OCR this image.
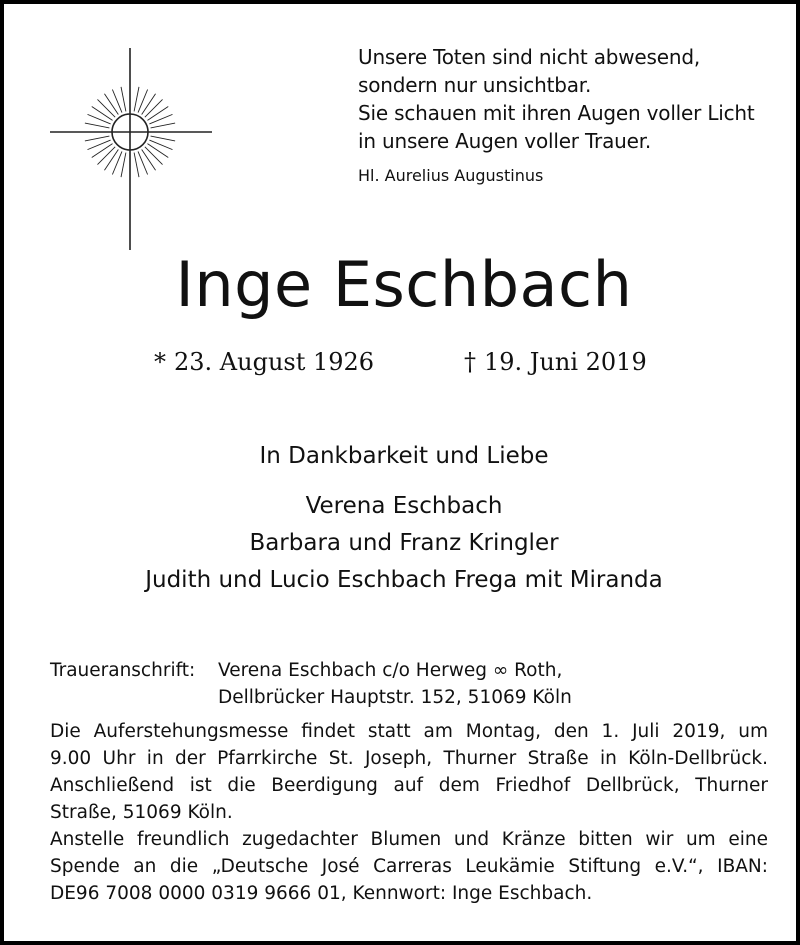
Unsere Toten sind nicht abwesend,
sondern nur unsichtbar.
Sie schauen mit ihren Augen voller Licht
in unsere Augen voller Trauer.
Hl. Aurelius Augustinus
Inge Eschbach
* 23. August 1926	† 19. Juni 2019
In Dankbarkeit und Liebe
Verena Eschbach
Barbara und Franz Kringler
Judith und Lucio Eschbach Frega mit Miranda
Traueranschrift: Verena Eschbach c/o Herweg ∞ Roth,
Dellbrücker Hauptstr. 152, 51069 Köln
Die Auferstehungsmesse findet statt am Montag, den 1. Juli 2019, um
9.00 Uhr in der Pfarrkirche St. Joseph, Thurner Straße in Köln-Dellbrück.
Anschließend ist die Beerdigung auf dem Friedhof Dellbrück, Thurner
Straße, 51069 Köln.
Anstelle freundlich zugedachter Blumen und Kränze bitten wir um eine
Spende an die „Deutsche José Carreras Leukämie Stiftung e.V.“, IBAN:
DE96 7008 0000 0319 9666 01, Kennwort: Inge Eschbach.
